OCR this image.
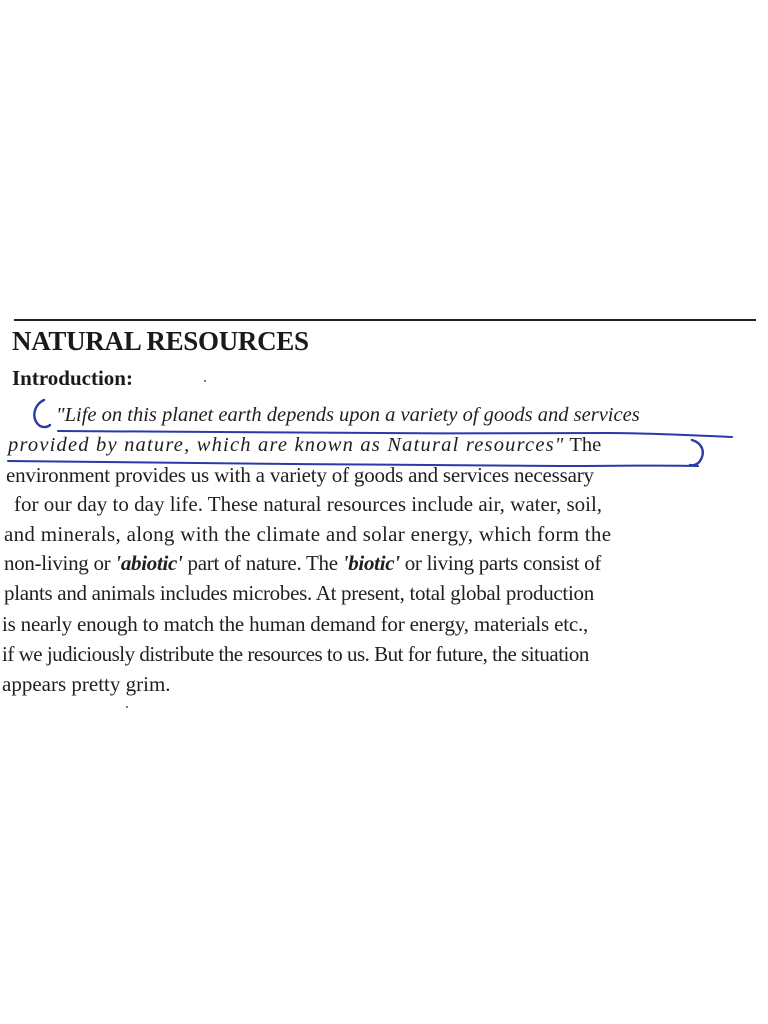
NATURAL RESOURCES
Introduction:
"Life on this planet earth depends upon a variety of goods and services
provided by nature, which are known as Natural resources" The
environment provides us with a variety of goods and services necessary
for our day to day life. These natural resources include air, water, soil,
and minerals, along with the climate and solar energy, which form the
non-living or 'abiotic' part of nature. The 'biotic' or living parts consist of
plants and animals includes microbes. At present, total global production
is nearly enough to match the human demand for energy, materials etc.,
if we judiciously distribute the resources to us. But for future, the situation
appears pretty grim.
